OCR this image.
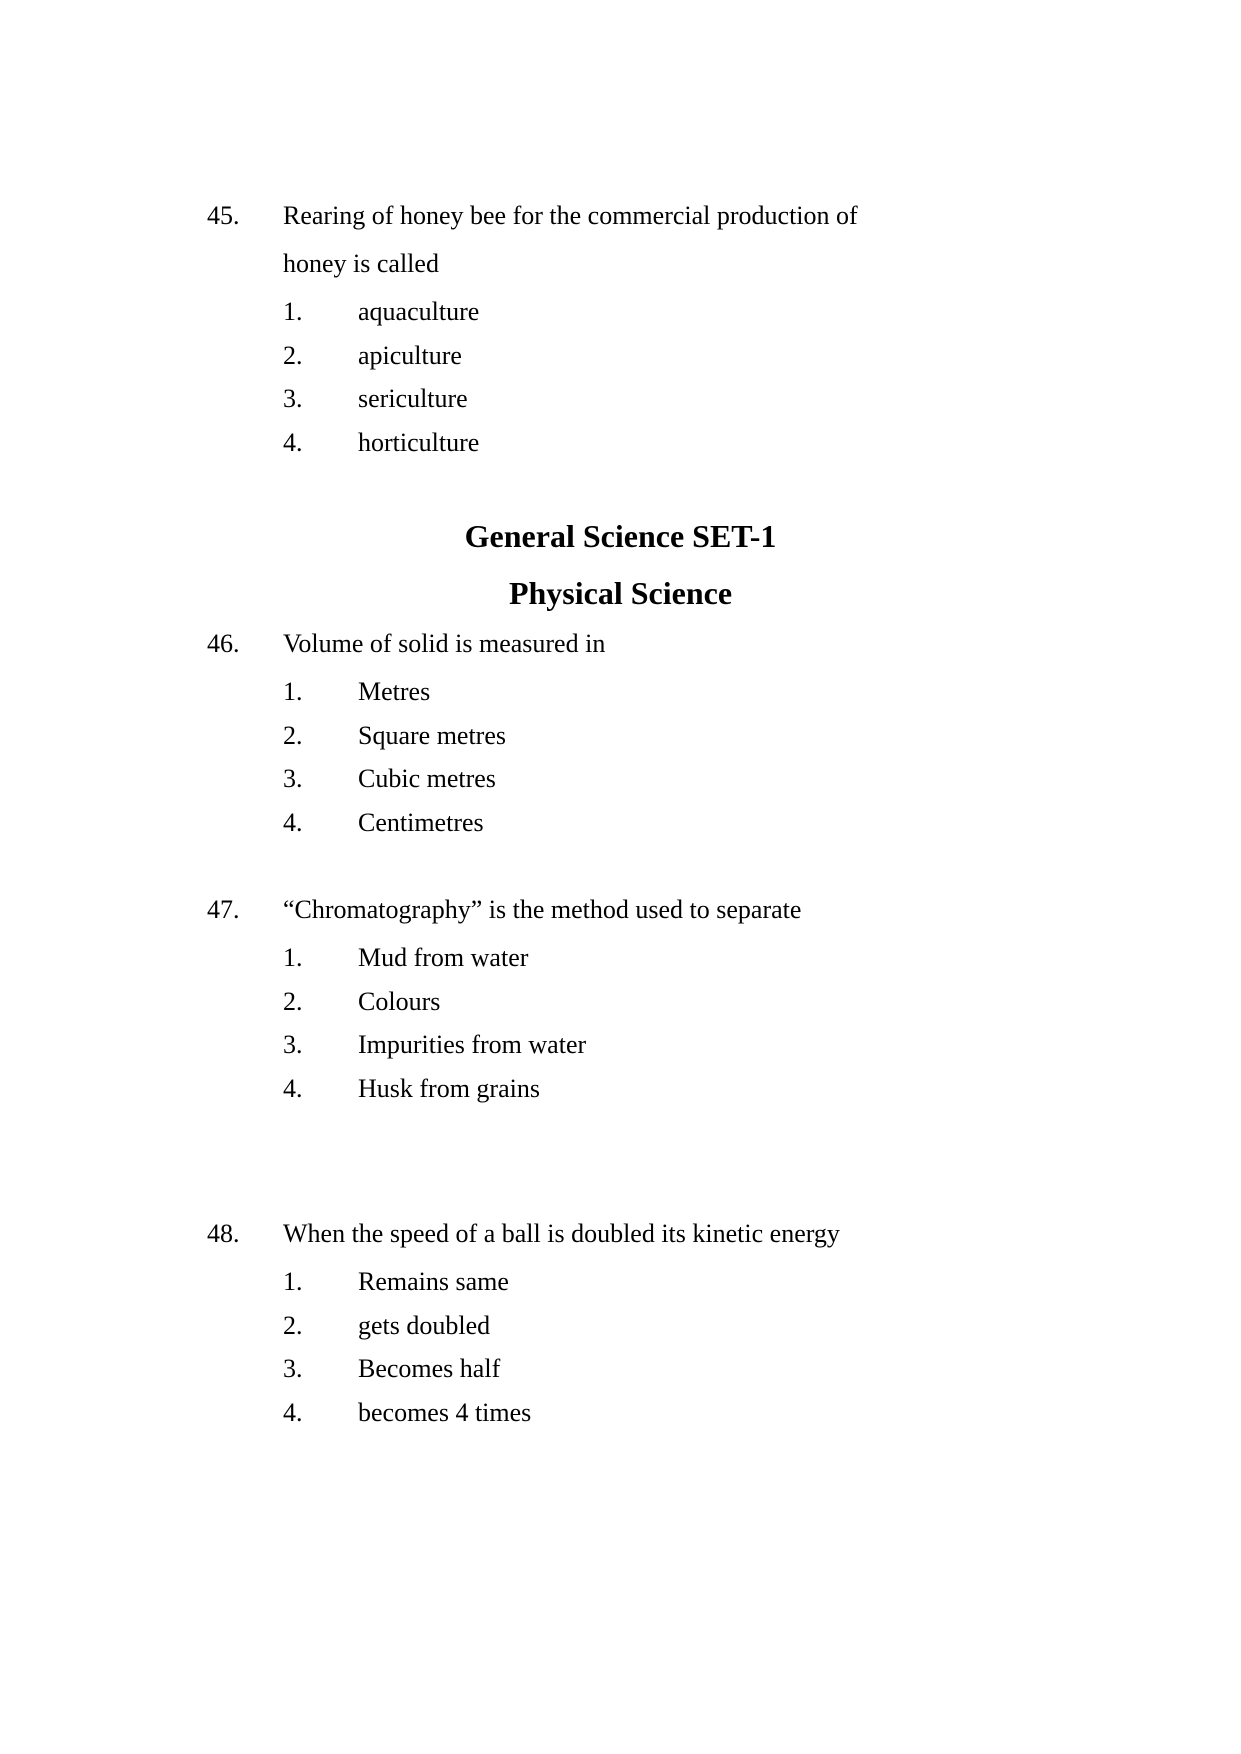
45. Rearing of honey bee for the commercial production of
honey is called
1. aquaculture
2. apiculture
3. sericulture
4. horticulture
General Science SET-1
Physical Science
46. Volume of solid is measured in
1. Metres
2. Square metres
3. Cubic metres
4. Centimetres
47. “Chromatography” is the method used to separate
1. Mud from water
2. Colours
3. Impurities from water
4. Husk from grains
48. When the speed of a ball is doubled its kinetic energy
1. Remains same
2. gets doubled
3. Becomes half
4. becomes 4 times
